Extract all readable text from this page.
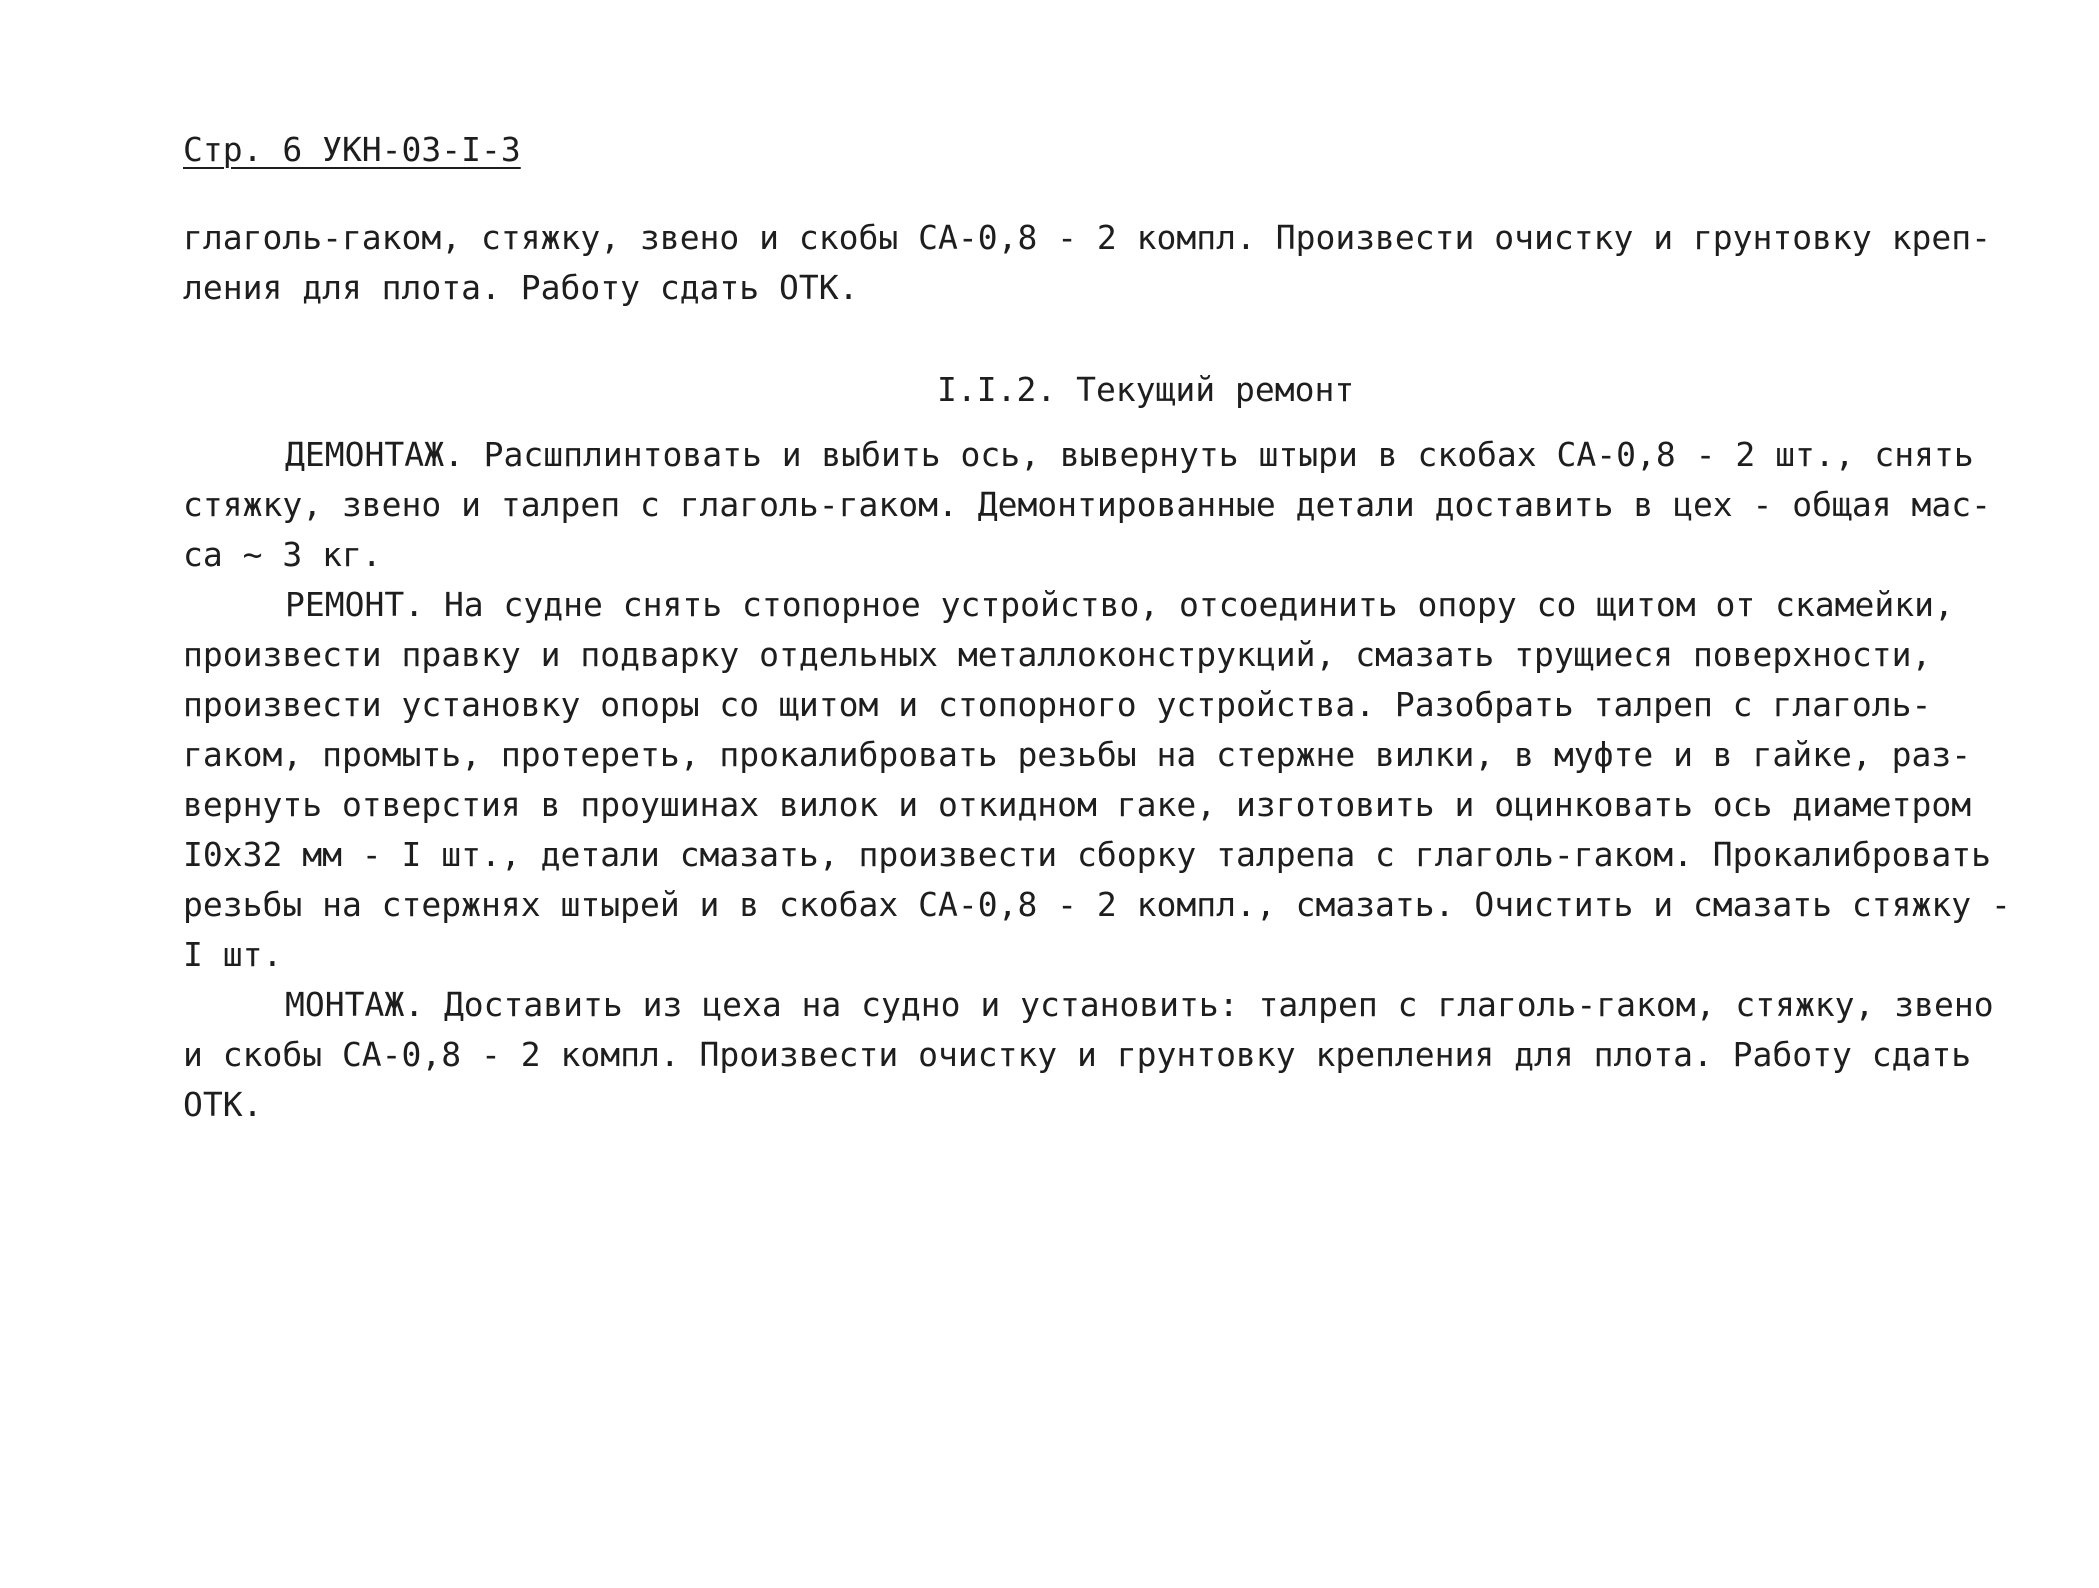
Стр. 6 УКН-03-I-3
глаголь-гаком, стяжку, звено и скобы СА-0,8 - 2 компл. Произвести очистку и грунтовку креп-
ления для плота. Работу сдать ОТК.
I.I.2. Текущий ремонт
ДЕМОНТАЖ. Расшплинтовать и выбить ось, вывернуть штыри в скобах СА-0,8 - 2 шт., снять
стяжку, звено и талреп с глаголь-гаком. Демонтированные детали доставить в цех - общая мас-
са ~ 3 кг.
РЕМОНТ. На судне снять стопорное устройство, отсоединить опору со щитом от скамейки,
произвести правку и подварку отдельных металлоконструкций, смазать трущиеся поверхности,
произвести установку опоры со щитом и стопорного устройства. Разобрать талреп с глаголь-
гаком, промыть, протереть, прокалибровать резьбы на стержне вилки, в муфте и в гайке, раз-
вернуть отверстия в проушинах вилок и откидном гаке, изготовить и оцинковать ось диаметром
I0x32 мм - I шт., детали смазать, произвести сборку талрепа с глаголь-гаком. Прокалибровать
резьбы на стержнях штырей и в скобах СА-0,8 - 2 компл., смазать. Очистить и смазать стяжку -
I шт.
МОНТАЖ. Доставить из цеха на судно и установить: талреп с глаголь-гаком, стяжку, звено
и скобы СА-0,8 - 2 компл. Произвести очистку и грунтовку крепления для плота. Работу сдать
ОТК.
